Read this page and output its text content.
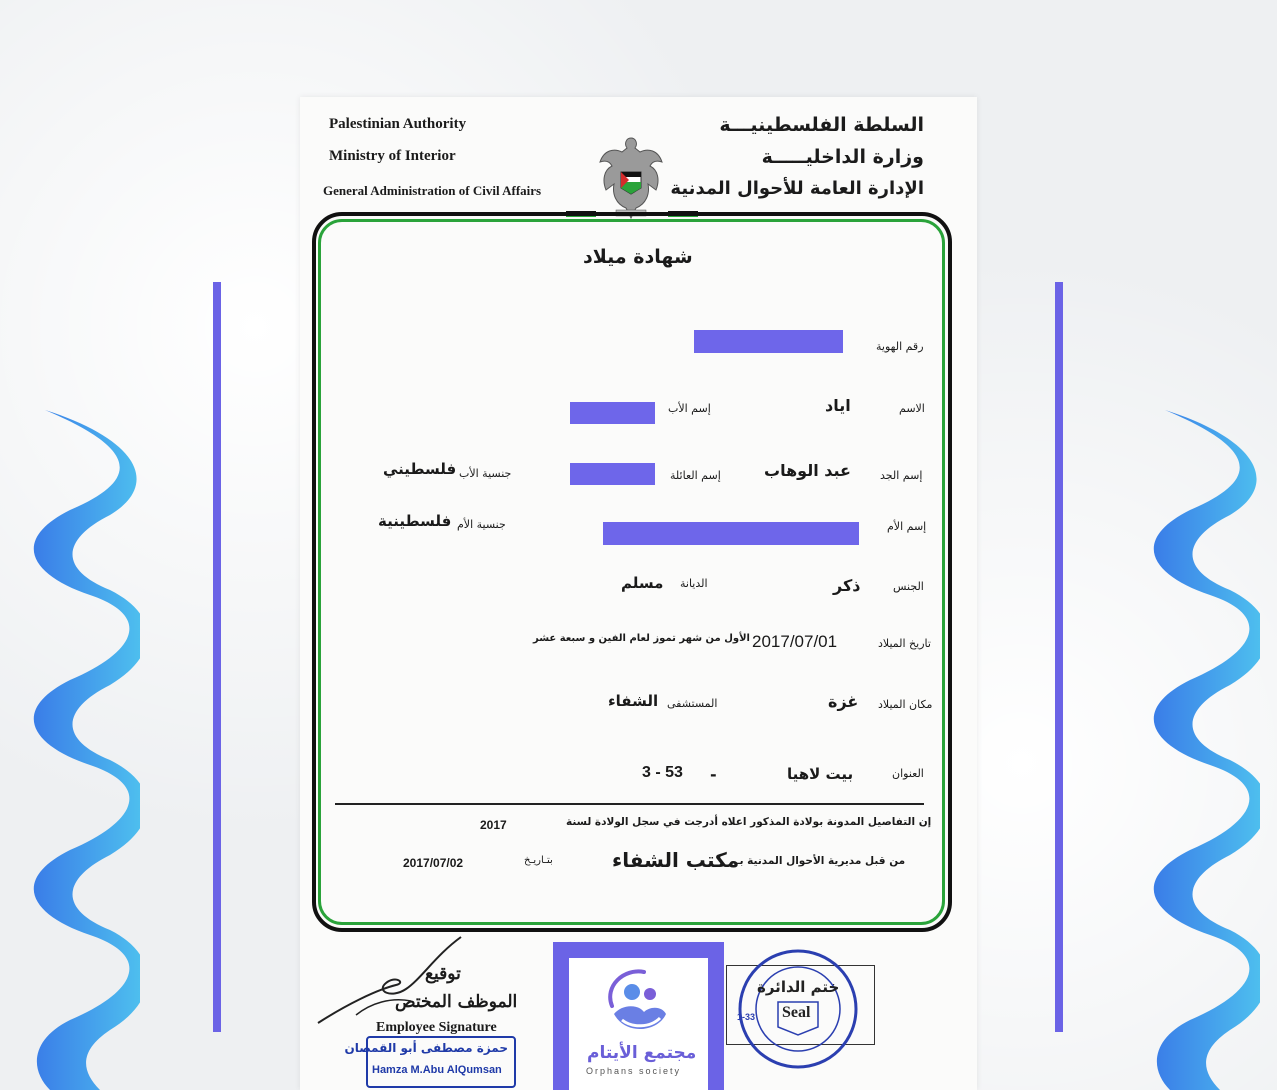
Palestinian Authority
Ministry of Interior
General Administration of Civil Affairs
السلطة الفلسطينيـــة
وزارة الداخليـــــة
الإدارة العامة للأحوال المدنية
شهادة ميلاد
رقم الهوية
الاسم
اياد
إسم الأب
إسم الجد
عبد الوهاب
إسم العائلة
جنسية الأب
فلسطيني
إسم الأم
جنسية الأم
فلسطينية
الجنس
ذكر
الديانة
مسلم
تاريخ الميلاد
2017/07/01
الأول من شهر تموز لعام الفين و سبعة عشر
مكان الميلاد
غزة
المستشفى
الشفاء
العنوان
بيت لاهيا
-
3 - 53
إن التفاصيل المدونة بولادة المذكور اعلاه أدرجت في سجل الولادة لسنة
2017
من قبل مديرية الأحوال المدنية بـ
مكتب الشفاء
بتـاريـخ
2017/07/02
توقيع
الموظف المختص
Employee Signature
حمزة مصطفى أبو القمصان
Hamza M.Abu AlQumsan
مجتمع الأيتام
Orphans society
ختم الدائرة
Seal
1-33
